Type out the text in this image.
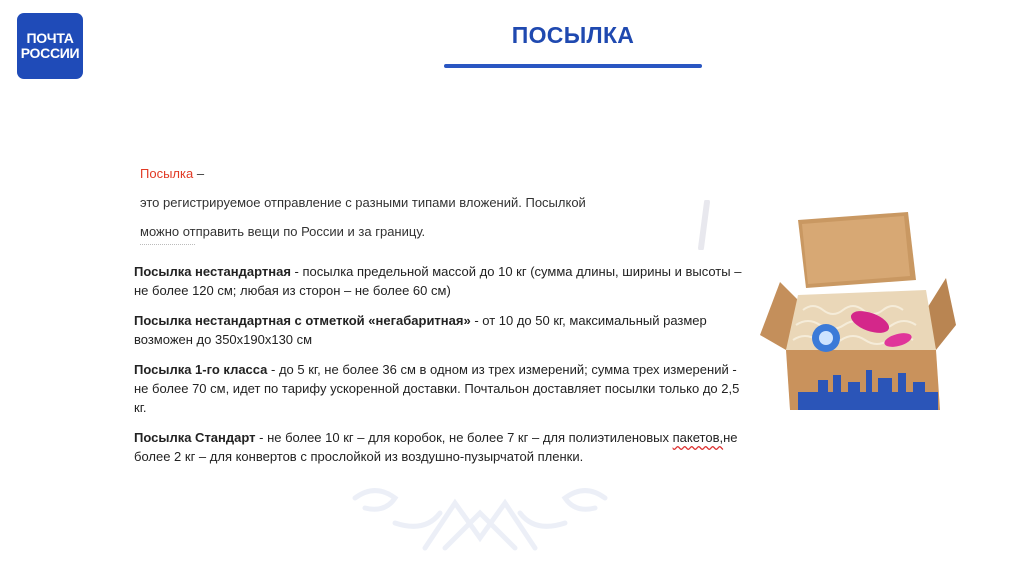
ПОЧТА
РОССИИ
ПОСЫЛКА
Посылка –
это регистрируемое отправление с разными типами вложений. Посылкой
можно отправить вещи по России и за границу.

Посылка нестандартная - посылка предельной массой до 10 кг (сумма длины, ширины и высоты – не более 120 см; любая из сторон – не более 60 см)

Посылка нестандартная с отметкой «негабаритная» - от 10 до 50 кг, максимальный размер возможен до 350х190х130 см

Посылка 1-го класса - до 5 кг, не более 36 см в одном из трех измерений; сумма трех измерений - не более 70 см, идет по тарифу ускоренной доставки. Почтальон доставляет посылки только до 2,5 кг.

Посылка Стандарт - не более 10 кг – для коробок, не более 7 кг – для полиэтиленовых пакетов,не более 2 кг – для конвертов с прослойкой из воздушно-пузырчатой пленки.
